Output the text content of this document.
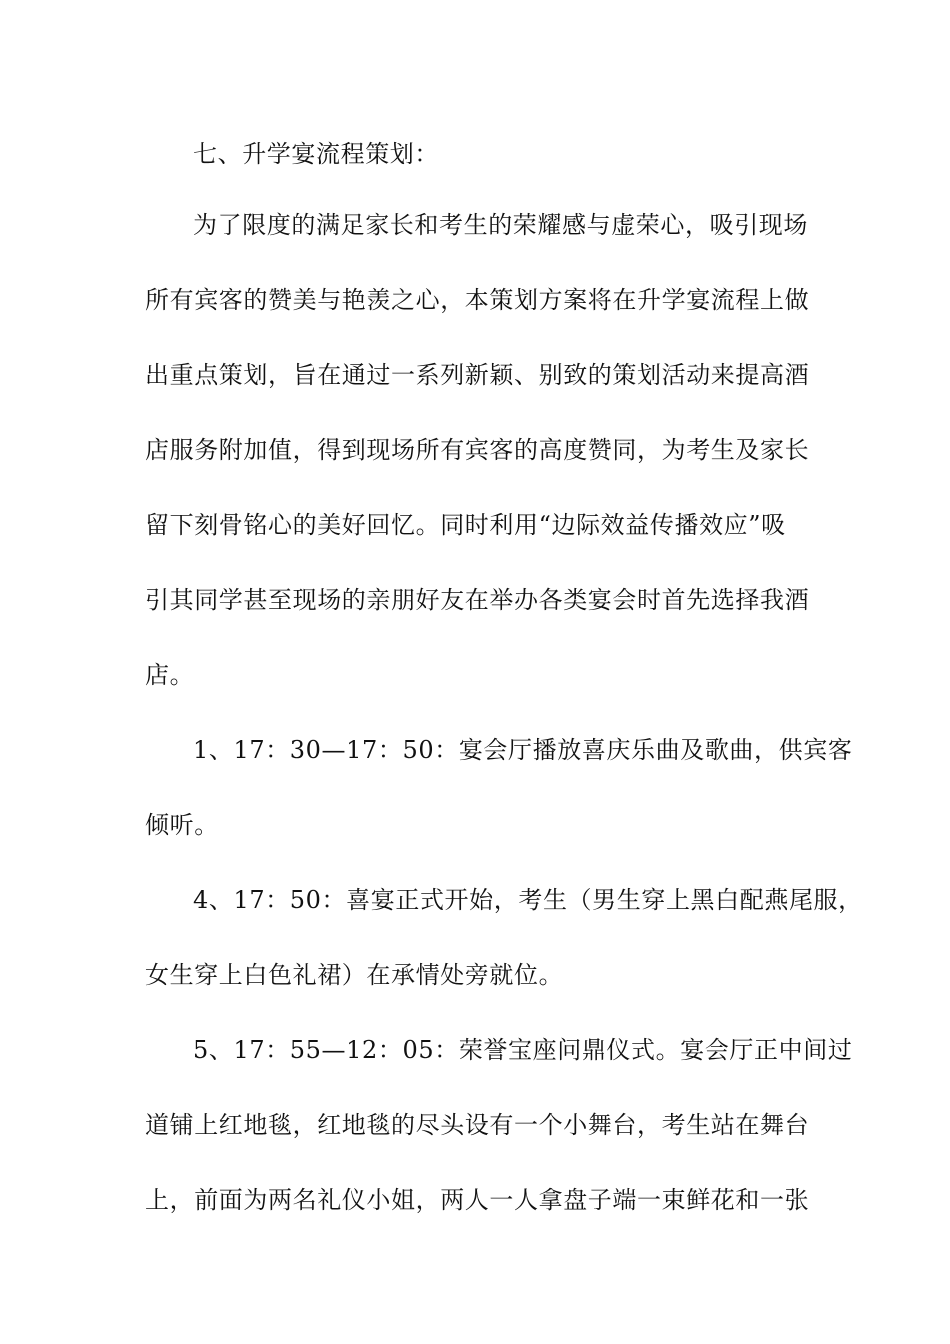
七、升学宴流程策划：
为了限度的满足家长和考生的荣耀感与虚荣心，吸引现场
所有宾客的赞美与艳羡之心，本策划方案将在升学宴流程上做
出重点策划，旨在通过一系列新颖、别致的策划活动来提高酒
店服务附加值，得到现场所有宾客的高度赞同，为考生及家长
留下刻骨铭心的美好回忆。同时利用“边际效益传播效应”吸
引其同学甚至现场的亲朋好友在举办各类宴会时首先选择我酒
店。
1、17：30—17：50：宴会厅播放喜庆乐曲及歌曲，供宾客
倾听。
4、17：50：喜宴正式开始，考生（男生穿上黑白配燕尾服，
女生穿上白色礼裙）在承情处旁就位。
5、17：55—12：05：荣誉宝座问鼎仪式。宴会厅正中间过
道铺上红地毯，红地毯的尽头设有一个小舞台，考生站在舞台
上，前面为两名礼仪小姐，两人一人拿盘子端一束鲜花和一张
